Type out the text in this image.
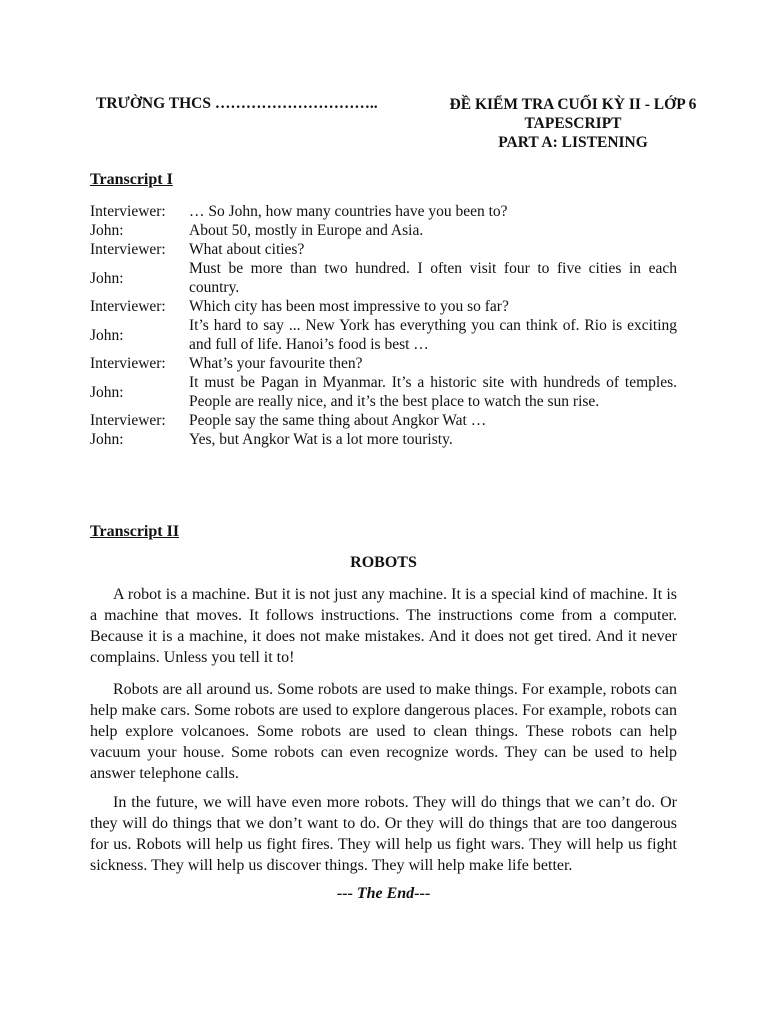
TRƯỜNG THCS …………………………..	ĐỀ KIỂM TRA CUỐI KỲ II - LỚP 6
TAPESCRIPT
PART A: LISTENING
Transcript I
Interviewer:	… So John, how many countries have you been to?
John:	About 50, mostly in Europe and Asia.
Interviewer:	What about cities?
John:	Must be more than two hundred. I often visit four to five cities in each country.
Interviewer:	Which city has been most impressive to you so far?
John:	It’s hard to say ... New York has everything you can think of. Rio is exciting and full of life. Hanoi’s food is best …
Interviewer:	What’s your favourite then?
John:	It must be Pagan in Myanmar. It’s a historic site with hundreds of temples. People are really nice, and it’s the best place to watch the sun rise.
Interviewer:	People say the same thing about Angkor Wat …
John:	Yes, but Angkor Wat is a lot more touristy.
Transcript II
ROBOTS

A robot is a machine. But it is not just any machine. It is a special kind of machine. It is a machine that moves. It follows instructions. The instructions come from a computer. Because it is a machine, it does not make mistakes. And it does not get tired. And it never complains. Unless you tell it to!

Robots are all around us. Some robots are used to make things. For example, robots can help make cars. Some robots are used to explore dangerous places. For example, robots can help explore volcanoes. Some robots are used to clean things. These robots can help vacuum your house. Some robots can even recognize words. They can be used to help answer telephone calls.

In the future, we will have even more robots. They will do things that we can’t do. Or they will do things that we don’t want to do. Or they will do things that are too dangerous for us. Robots will help us fight fires. They will help us fight wars. They will help us fight sickness. They will help us discover things. They will help make life better.

--- The End---
